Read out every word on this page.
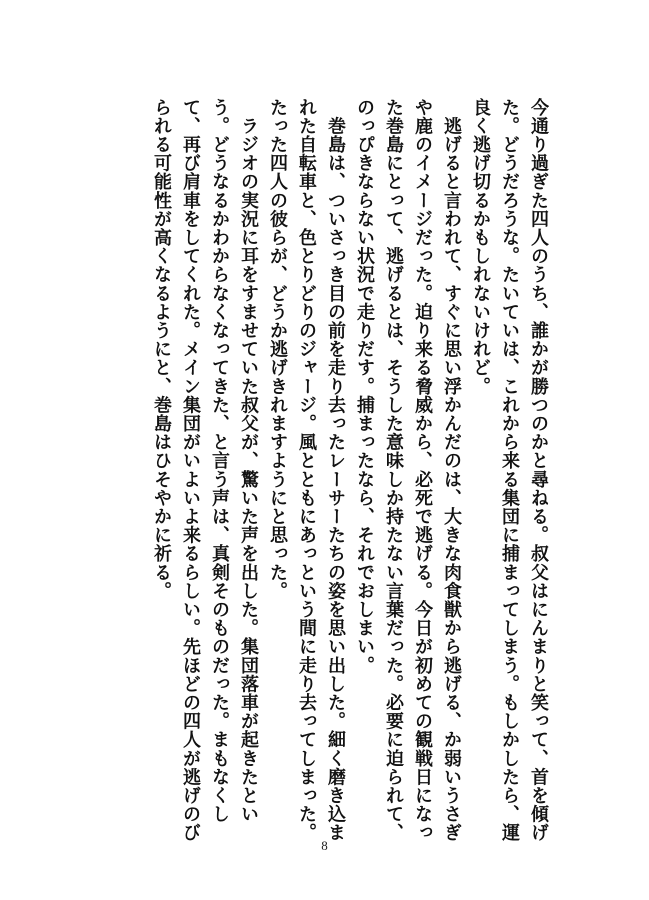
今通り過ぎた四人のうち、誰かが勝つのかと尋ねる。叔父はにんまりと笑って、首を傾げた。どうだろうな。たいていは、これから来る集団に捕まってしまう。もしかしたら、運良く逃げ切るかもしれないけれど。

　逃げると言われて、すぐに思い浮かんだのは、大きな肉食獣から逃げる、か弱いうさぎや鹿のイメージだった。迫り来る脅威から、必死で逃げる。今日が初めての観戦日になった巻島にとって、逃げるとは、そうした意味しか持たない言葉だった。必要に迫られて、のっぴきならない状況で走りだす。捕まったなら、それでおしまい。

　巻島は、ついさっき目の前を走り去ったレーサーたちの姿を思い出した。細く磨き込まれた自転車と、色とりどりのジャージ。風とともにあっという間に走り去ってしまった。たった四人の彼らが、どうか逃げきれますようにと思った。

　ラジオの実況に耳をすませていた叔父が、驚いた声を出した。集団落車が起きたという。どうなるかわからなくなってきた、と言う声は、真剣そのものだった。まもなくして、再び肩車をしてくれた。メイン集団がいよいよ来るらしい。先ほどの四人が逃げのびられる可能性が高くなるようにと、巻島はひそやかに祈る。

8
